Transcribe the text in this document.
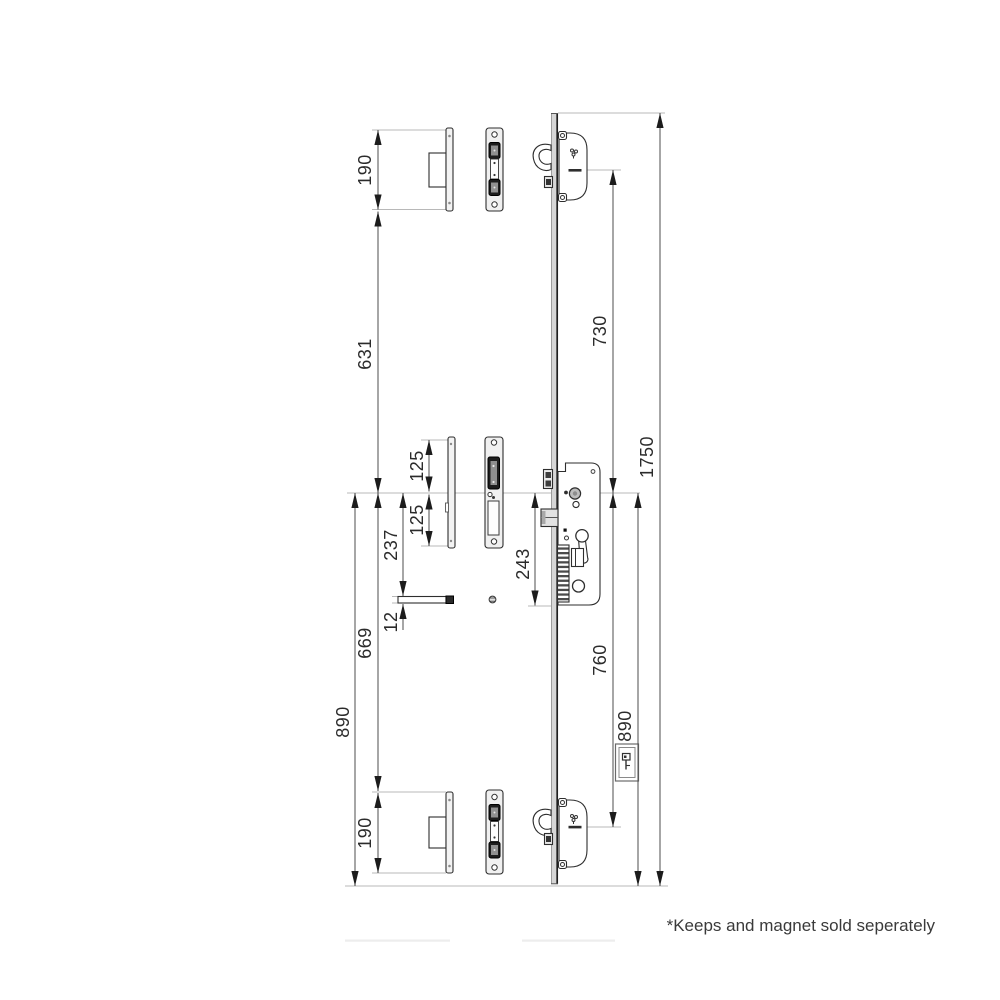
190
631
125
125
237
12
669
890
190
730
243
760
890
1750
*Keeps and magnet sold seperately
